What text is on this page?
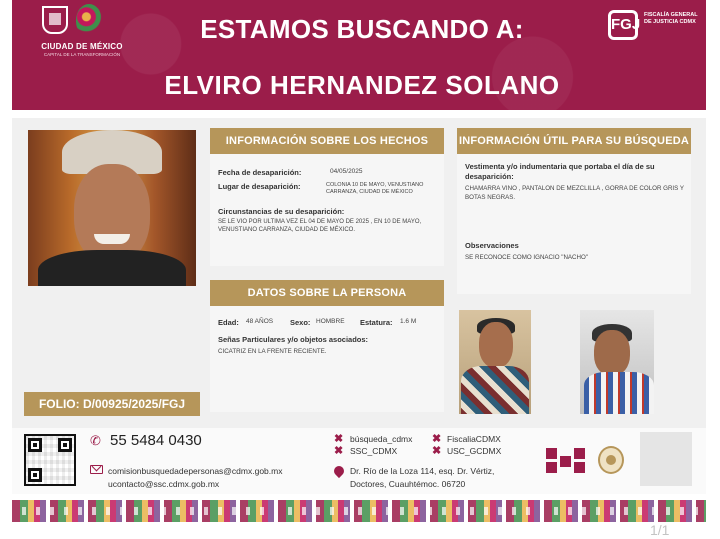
CIUDAD DE MÉXICO
CAPITAL DE LA TRANSFORMACIÓN
ESTAMOS BUSCANDO A:
ELVIRO HERNANDEZ SOLANO
FGJ
FISCALÍA GENERAL DE JUSTICIA CDMX
FOLIO: D/00925/2025/FGJ
INFORMACIÓN SOBRE LOS HECHOS
Fecha de desaparición:	04/05/2025
Lugar de desaparición:	COLONIA 10 DE MAYO, VENUSTIANO CARRANZA, CIUDAD DE MÉXICO
Circunstancias de su desaparición:
SE LE VIO POR ULTIMA VEZ EL 04 DE MAYO DE 2025 , EN 10 DE MAYO, VENUSTIANO CARRANZA, CIUDAD DE MÉXICO.
INFORMACIÓN ÚTIL PARA SU BÚSQUEDA
Vestimenta y/o indumentaria que portaba el día de su desaparición:
CHAMARRA VINO , PANTALON DE MEZCLILLA , GORRA DE COLOR GRIS Y BOTAS NEGRAS.
Observaciones
SE RECONOCE COMO IGNACIO "NACHO"
DATOS SOBRE LA PERSONA
Edad: 48 AÑOS Sexo: HOMBRE Estatura: 1.6 M
Señas Particulares y/o objetos asociados:
CICATRIZ EN LA FRENTE RECIENTE.
✆ 55 5484 0430
comisionbusquedadepersonas@cdmx.gob.mx
ucontacto@ssc.cdmx.gob.mx
✖ búsqueda_cdmx
✖ SSC_CDMX
✖ FiscaliaCDMX
✖ USC_GCDMX
Dr. Río de la Loza 114, esq. Dr. Vértiz,
Doctores, Cuauhtémoc. 06720
1/1
